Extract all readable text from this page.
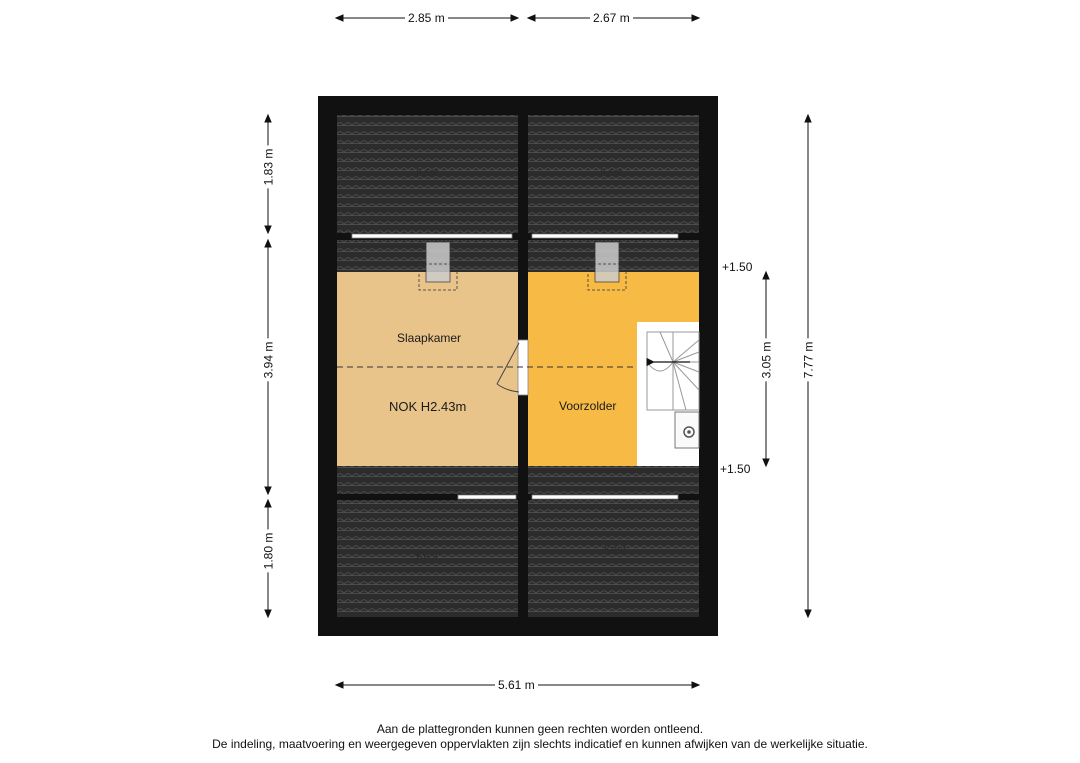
2.85 m	2.67 m
5.61 m
1.83 m
3.94 m
1.80 m
3.05 m 7.77 m
Kast	Kast
Slaapkamer
NOK H2.43m	Voorzolder
Kast	Kast
+1.50
+1.50
Aan de plattegronden kunnen geen rechten worden ontleend.
De indeling, maatvoering en weergegeven oppervlakten zijn slechts indicatief en kunnen afwijken van de werkelijke situatie.
